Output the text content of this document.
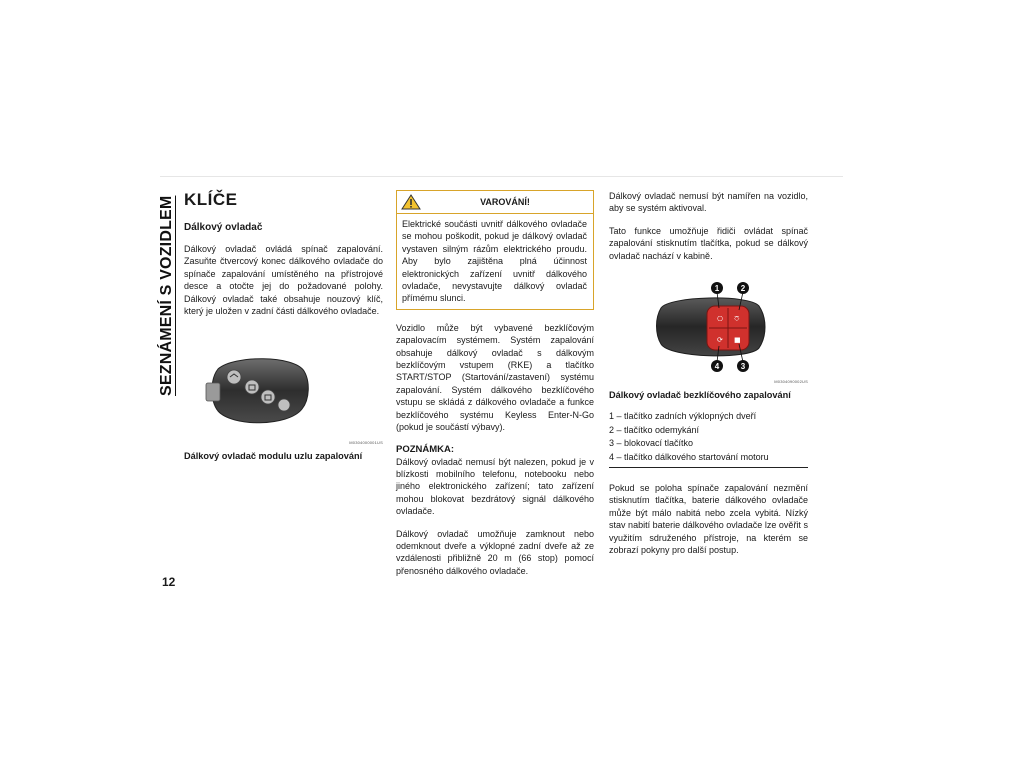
SEZNÁMENÍ S VOZIDLEM
12
KLÍČE
Dálkový ovladač

Dálkový ovladač ovládá spínač zapalování. Zasuňte čtvercový konec dálkového ovladače do spínače zapalování umístěného na přístrojové desce a otočte jej do požadované polohy. Dálkový ovladač také obsahuje nouzový klíč, který je uložen v zadní části dálkového ovladače.

M0304000001US
Dálkový ovladač modulu uzlu zapalování
VAROVÁNÍ!
Elektrické součásti uvnitř dálkového ovladače se mohou poškodit, pokud je dálkový ovladač vystaven silným rázům elektrického proudu. Aby bylo zajištěna plná účinnost elektronických zařízení uvnitř dálkového ovladače, nevystavujte dálkový ovladač přímému slunci.

Vozidlo může být vybavené bezklíčovým zapalovacím systémem. Systém zapalování obsahuje dálkový ovladač s dálkovým bezklíčovým vstupem (RKE) a tlačítko START/STOP (Startování/zastavení) systému zapalování. Systém dálkového bezklíčového vstupu se skládá z dálkového ovladače a funkce bezklíčového systému Keyless Enter-N-Go (pokud je součástí výbavy).

POZNÁMKA:

Dálkový ovladač nemusí být nalezen, pokud je v blízkosti mobilního telefonu, notebooku nebo jiného elektronického zařízení; tato zařízení mohou blokovat bezdrátový signál dálkového ovladače.

Dálkový ovladač umožňuje zamknout nebo odemknout dveře a výklopné zadní dveře až ze vzdálenosti přibližně 20 m (66 stop) pomocí přenosného dálkového ovladače.

Dálkový ovladač nemusí být namířen na vozidlo, aby se systém aktivoval.

Tato funkce umožňuje řidiči ovládat spínač zapalování stisknutím tlačítka, pokud se dálkový ovladač nachází v kabině.

⎔ ⎏
⟳ ■
1	2
3
4
M0304090002US
Dálkový ovladač bezklíčového zapalování
1 – tlačítko zadních výklopných dveří
2 – tlačítko odemykání
3 – blokovací tlačítko
4 – tlačítko dálkového startování motoru

Pokud se poloha spínače zapalování nezmění stisknutím tlačítka, baterie dálkového ovladače může být málo nabitá nebo zcela vybitá. Nízký stav nabití baterie dálkového ovladače lze ověřit s využitím sdruženého přístroje, na kterém se zobrazí pokyny pro další postup.
